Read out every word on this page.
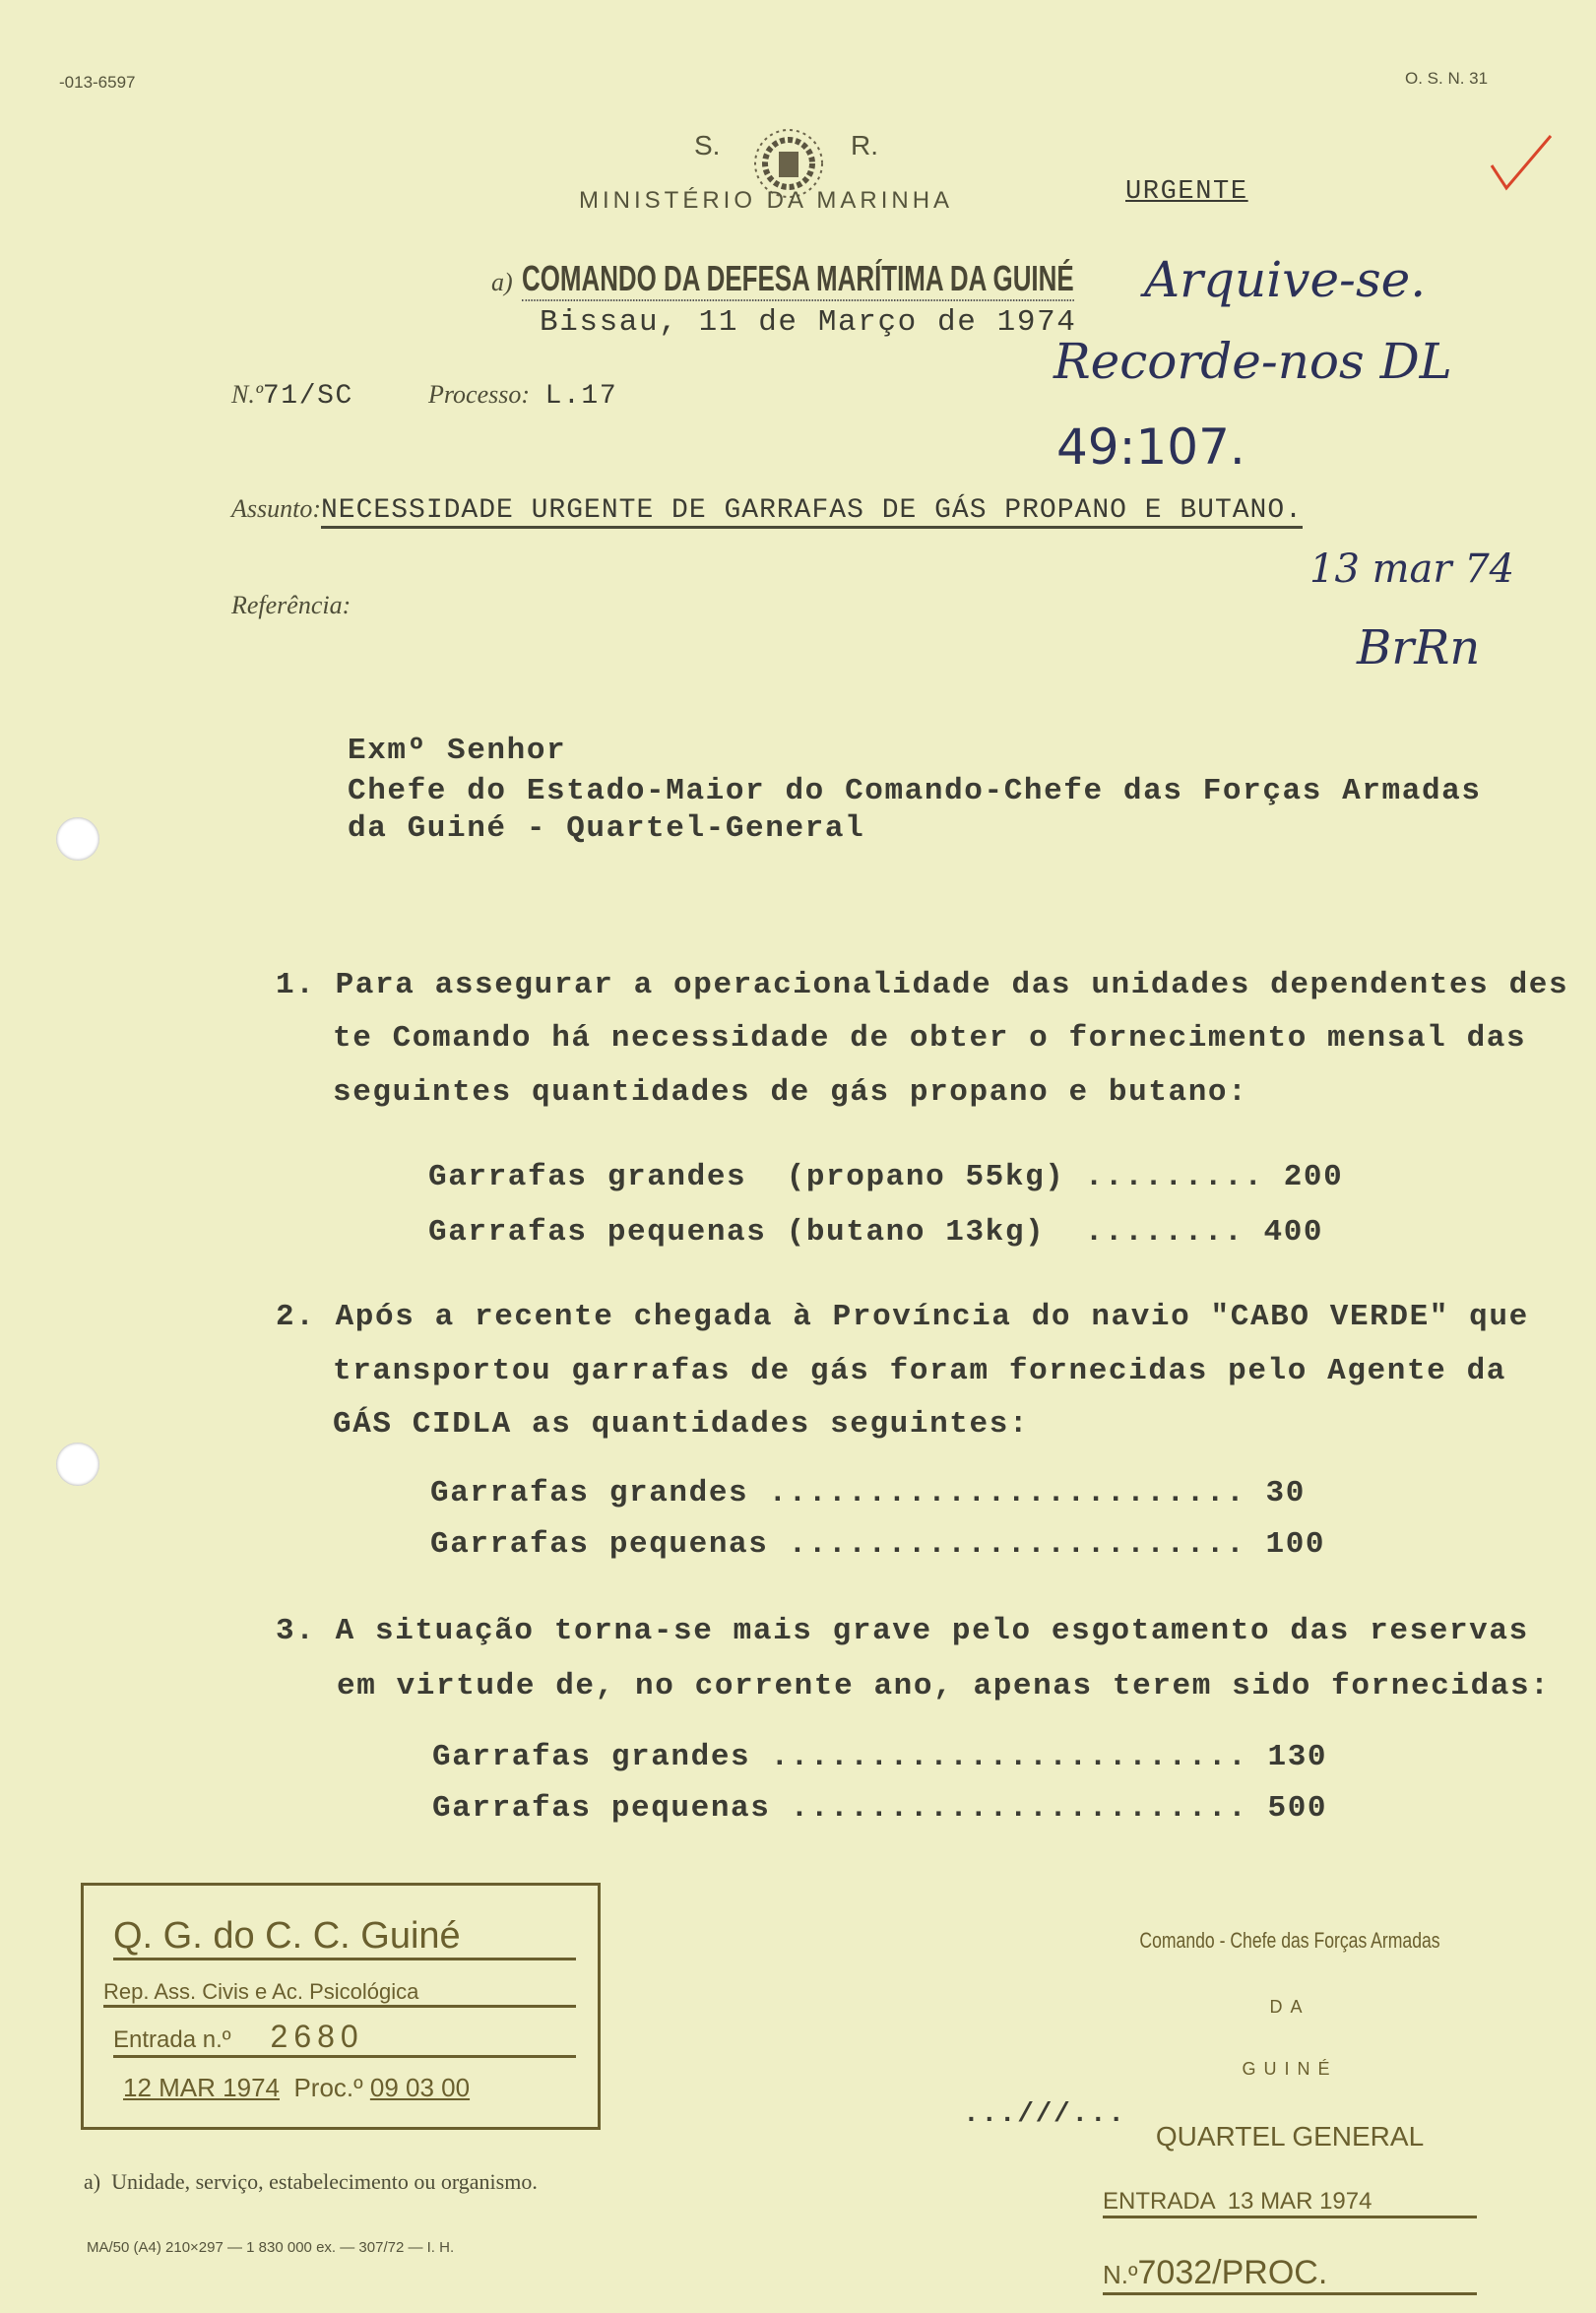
-013-6597	O. S. N. 31

S.	R.
MINISTÉRIO DA MARINHA	URGENTE
a) COMANDO DA DEFESA MARÍTIMA DA GUINÉ
Bissau, 11 de Março de 1974
Arquive-se.
Recorde-nos DL
49:107.
13 mar 74
BrRn
N.º71/SC	Processo: L.17
Assunto:NECESSIDADE URGENTE DE GARRAFAS DE GÁS PROPANO E BUTANO.
Referência:
Exmº Senhor
Chefe do Estado-Maior do Comando-Chefe das Forças Armadas
da Guiné - Quartel-General
1. Para assegurar a operacionalidade das unidades dependentes des
te Comando há necessidade de obter o fornecimento mensal das
seguintes quantidades de gás propano e butano:
Garrafas grandes  (propano 55kg) ......... 200
Garrafas pequenas (butano 13kg)  ........ 400
2. Após a recente chegada à Província do navio "CABO VERDE" que
transportou garrafas de gás foram fornecidas pelo Agente da
GÁS CIDLA as quantidades seguintes:
Garrafas grandes ........................ 30
Garrafas pequenas ....................... 100
3. A situação torna-se mais grave pelo esgotamento das reservas
em virtude de, no corrente ano, apenas terem sido fornecidas:
Garrafas grandes ........................ 130
Garrafas pequenas ....................... 500

Q. G. do C. C. Guiné

Rep. Ass. Civis e Ac. Psicológica

Entrada n.º 2680

12 MAR 1974 Proc.º 09 03 00

Comando - Chefe das Forças Armadas

DA

GUINÉ

QUARTEL GENERAL

ENTRADA 13 MAR 1974

N.º7032/PROC.

...///...
a)  Unidade, serviço, estabelecimento ou organismo.
MA/50 (A4) 210×297 — 1 830 000 ex. — 307/72 — I. H.
